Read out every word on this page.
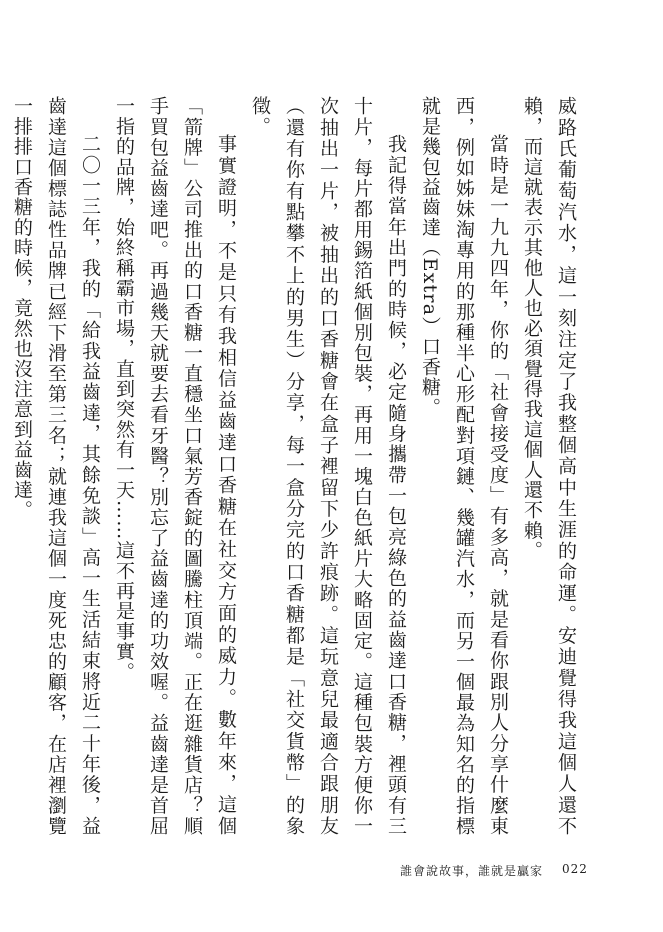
威路氏葡萄汽水，這一刻注定了我整個高中生涯的命運。安迪覺得我這個人還不賴，而這就表示其他人也必須覺得我這個人還不賴。

當時是一九九四年，你的「社會接受度」有多高，就是看你跟別人分享什麼東西，例如姊妹淘專用的那種半心形配對項鏈、幾罐汽水，而另一個最為知名的指標就是幾包益齒達（Extra）口香糖。

我記得當年出門的時候，必定隨身攜帶一包亮綠色的益齒達口香糖，裡頭有三十片，每片都用錫箔紙個別包裝，再用一塊白色紙片大略固定。這種包裝方便你一次抽出一片，被抽出的口香糖會在盒子裡留下少許痕跡。這玩意兒最適合跟朋友（還有你有點攀不上的男生）分享，每一盒分完的口香糖都是「社交貨幣」的象徵。

事實證明，不是只有我相信益齒達口香糖在社交方面的威力。數年來，這個「箭牌」公司推出的口香糖一直穩坐口氣芳香錠的圖騰柱頂端。正在逛雜貨店？順手買包益齒達吧。再過幾天就要去看牙醫？別忘了益齒達的功效喔。益齒達是首屈一指的品牌，始終稱霸市場，直到突然有一天……這不再是事實。

二〇一三年，我的「給我益齒達，其餘免談」高一生活結束將近二十年後，益齒達這個標誌性品牌已經下滑至第三名；就連我這個一度死忠的顧客，在店裡瀏覽一排排口香糖的時候，竟然也沒注意到益齒達。

誰會說故事，誰就是贏家 022
